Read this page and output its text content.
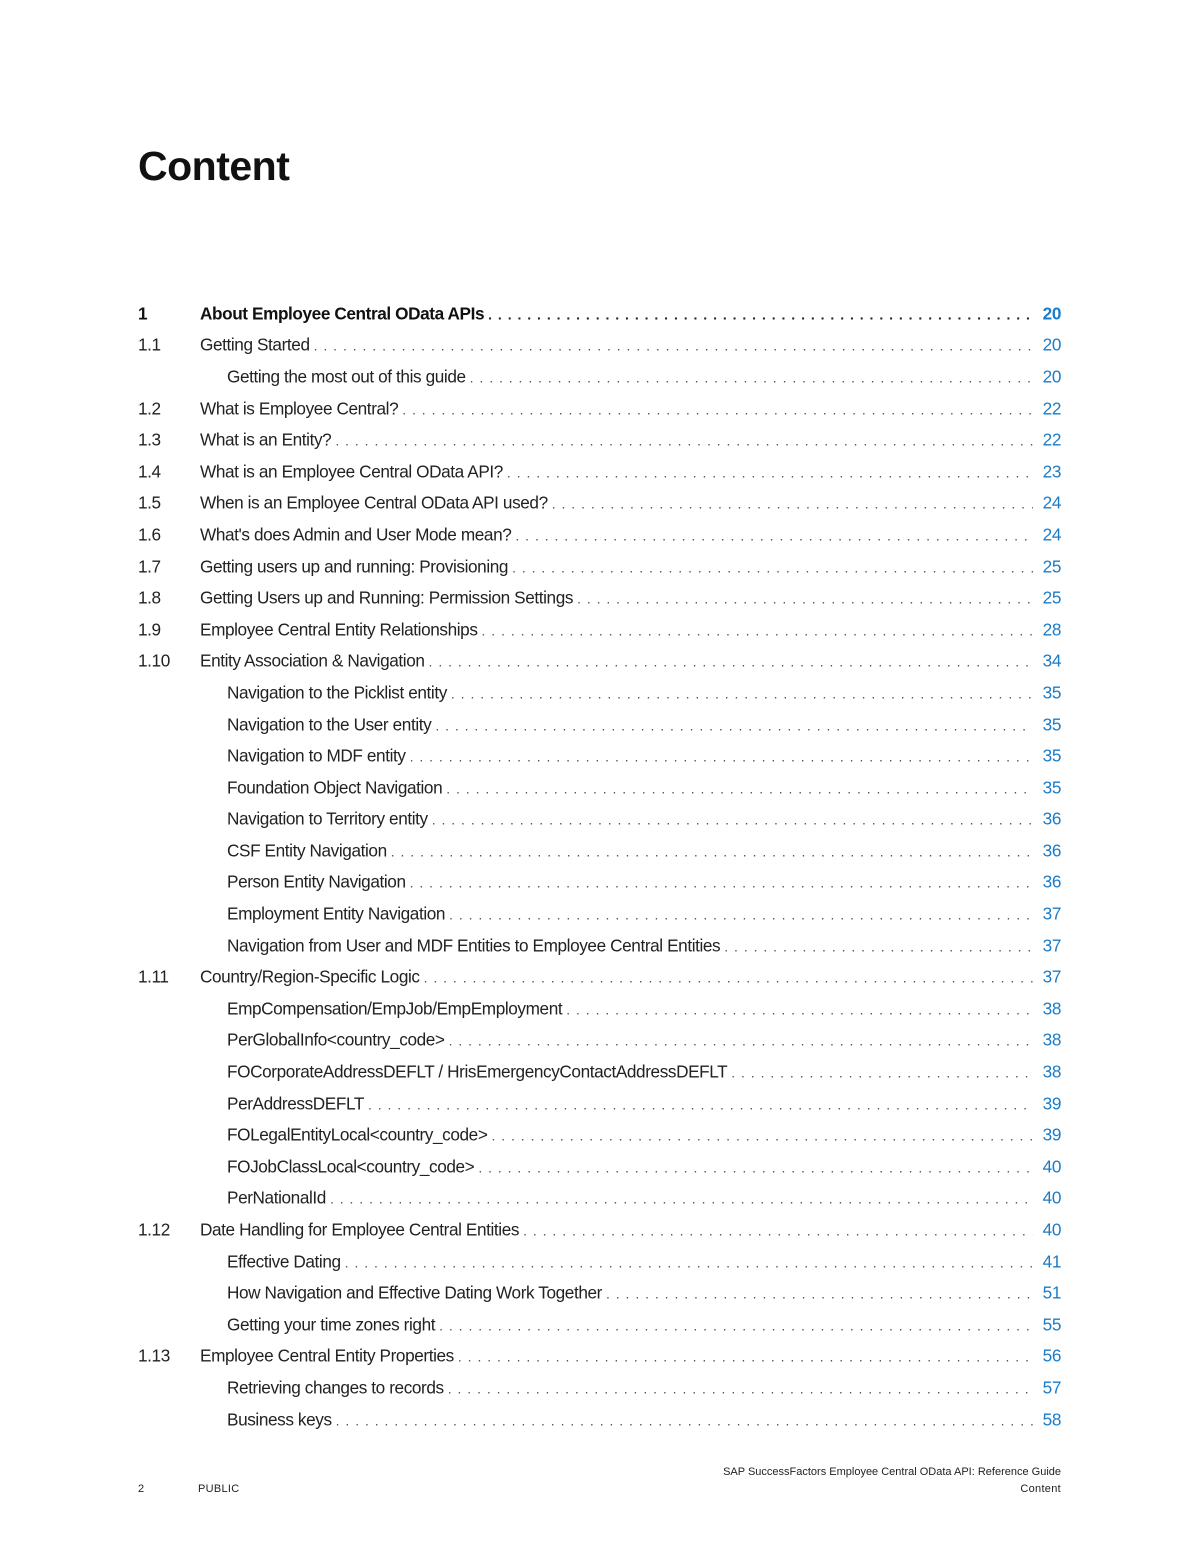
Content
1	About Employee Central OData APIs . . .	20
1.1	Getting Started . . .	20
Getting the most out of this guide . . .	20
1.2	What is Employee Central? . . .	22
1.3	What is an Entity? . . .	22
1.4	What is an Employee Central OData API? . . .	23
1.5	When is an Employee Central OData API used? . . .	24
1.6	What's does Admin and User Mode mean? . . .	24
1.7	Getting users up and running: Provisioning . . .	25
1.8	Getting Users up and Running: Permission Settings . . .	25
1.9	Employee Central Entity Relationships . . .	28
1.10	Entity Association & Navigation . . .	34
Navigation to the Picklist entity . . .	35
Navigation to the User entity . . .	35
Navigation to MDF entity . . .	35
Foundation Object Navigation . . .	35
Navigation to Territory entity . . .	36
CSF Entity Navigation . . .	36
Person Entity Navigation . . .	36
Employment Entity Navigation . . .	37
Navigation from User and MDF Entities to Employee Central Entities . . .	37
1.11	Country/Region-Specific Logic . . .	37
EmpCompensation/EmpJob/EmpEmployment . . .	38
PerGlobalInfo<country_code> . . .	38
FOCorporateAddressDEFLT / HrisEmergencyContactAddressDEFLT . . .	38
PerAddressDEFLT . . .	39
FOLegalEntityLocal<country_code> . . .	39
FOJobClassLocal<country_code> . . .	40
PerNationalId . . .	40
1.12	Date Handling for Employee Central Entities . . .	40
Effective Dating . . .	41
How Navigation and Effective Dating Work Together . . .	51
Getting your time zones right . . .	55
1.13	Employee Central Entity Properties . . .	56
Retrieving changes to records . . .	57
Business keys . . .	58
2	PUBLIC
SAP SuccessFactors Employee Central OData API: Reference Guide
Content
